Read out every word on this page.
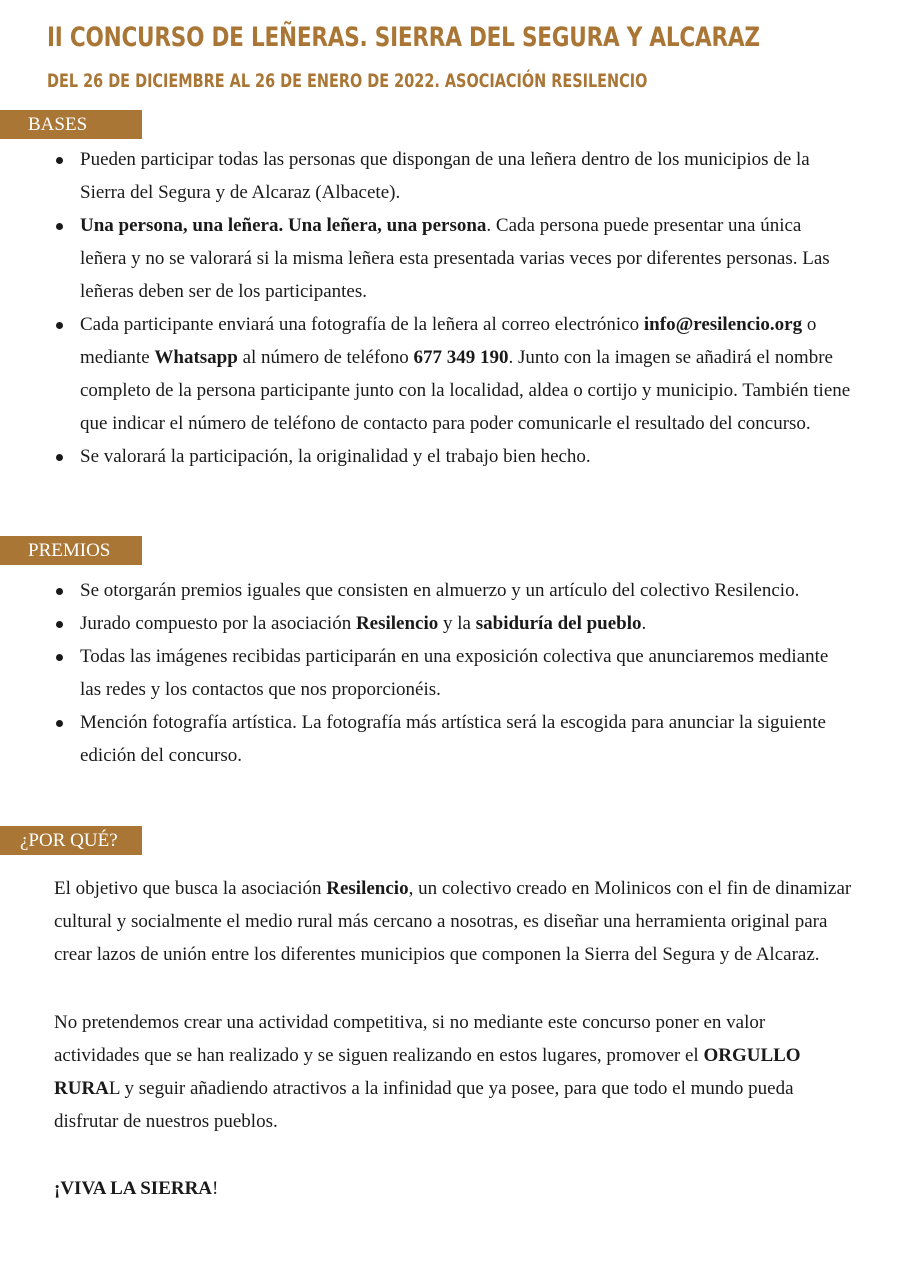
II CONCURSO DE LEÑERAS. SIERRA DEL SEGURA Y ALCARAZ
DEL 26 DE DICIEMBRE AL 26 DE ENERO DE 2022. ASOCIACIÓN RESILENCIO
BASES
Pueden participar todas las personas que dispongan de una leñera dentro de los municipios de la Sierra del Segura y de Alcaraz (Albacete).
Una persona, una leñera. Una leñera, una persona. Cada persona puede presentar una única leñera y no se valorará si la misma leñera esta presentada varias veces por diferentes personas. Las leñeras deben ser de los participantes.
Cada participante enviará una fotografía de la leñera al correo electrónico info@resilencio.org o mediante Whatsapp al número de teléfono 677 349 190. Junto con la imagen se añadirá el nombre completo de la persona participante junto con la localidad, aldea o cortijo y municipio. También tiene que indicar el número de teléfono de contacto para poder comunicarle el resultado del concurso.
Se valorará la participación, la originalidad y el trabajo bien hecho.
PREMIOS
Se otorgarán premios iguales que consisten en almuerzo y un artículo del colectivo Resilencio.
Jurado compuesto por la asociación Resilencio y la sabiduría del pueblo.
Todas las imágenes recibidas participarán en una exposición colectiva que anunciaremos mediante las redes y los contactos que nos proporcionéis.
Mención fotografía artística. La fotografía más artística será la escogida para anunciar la siguiente edición del concurso.
¿POR QUÉ?

El objetivo que busca la asociación Resilencio, un colectivo creado en Molinicos con el fin de dinamizar cultural y socialmente el medio rural más cercano a nosotras, es diseñar una herramienta original para crear lazos de unión entre los diferentes municipios que componen la Sierra del Segura y de Alcaraz.

No pretendemos crear una actividad competitiva, si no mediante este concurso poner en valor actividades que se han realizado y se siguen realizando en estos lugares, promover el ORGULLO RURAL y seguir añadiendo atractivos a la infinidad que ya posee, para que todo el mundo pueda disfrutar de nuestros pueblos.

¡VIVA LA SIERRA!
